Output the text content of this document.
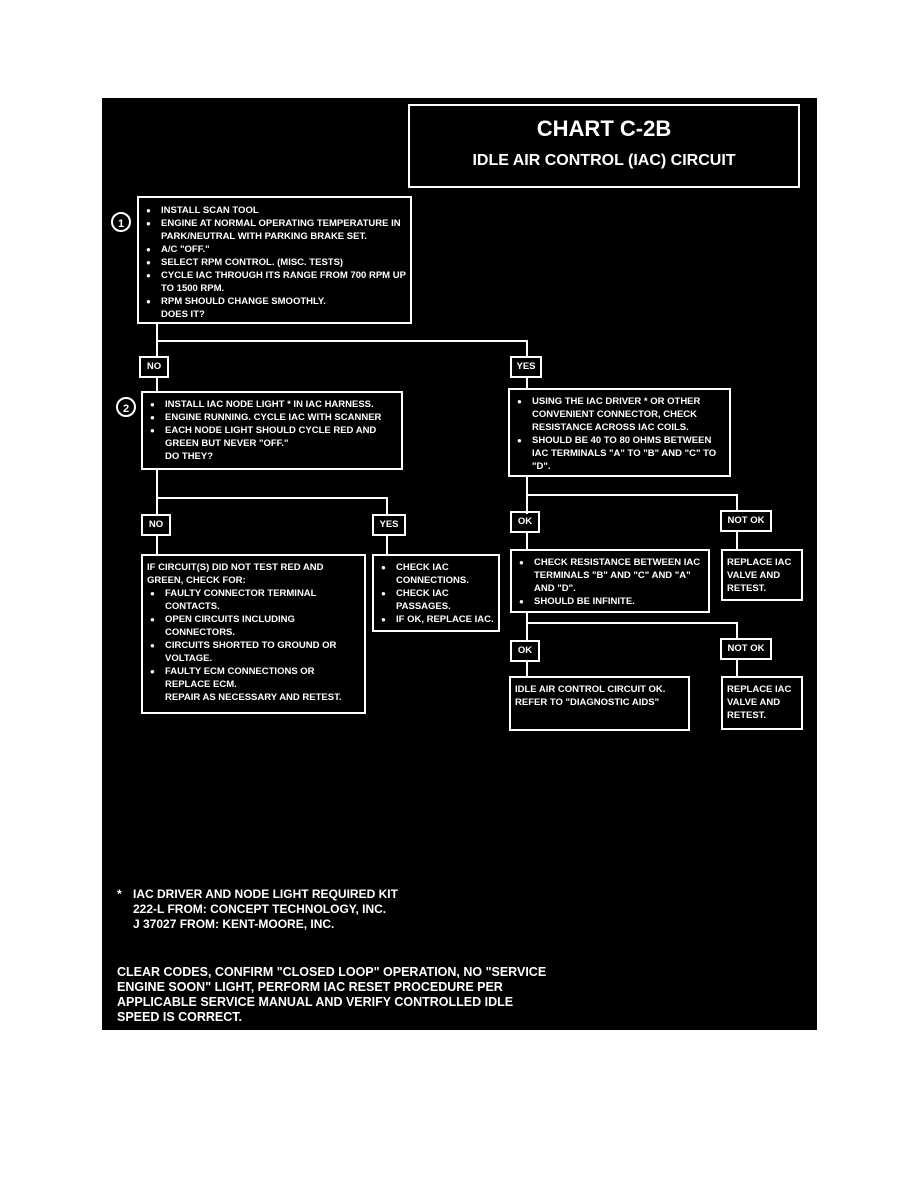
CHART C-2B
IDLE AIR CONTROL (IAC) CIRCUIT
1
● INSTALL SCAN TOOL
● ENGINE AT NORMAL OPERATING TEMPERATURE IN PARK/NEUTRAL WITH PARKING BRAKE SET.
● A/C "OFF."
● SELECT RPM CONTROL. (MISC. TESTS)
● CYCLE IAC THROUGH ITS RANGE FROM 700 RPM UP TO 1500 RPM.
● RPM SHOULD CHANGE SMOOTHLY.
DOES IT?
NO	YES
2
●	INSTALL IAC NODE LIGHT * IN IAC HARNESS.
● ENGINE RUNNING. CYCLE IAC WITH SCANNER
● EACH NODE LIGHT SHOULD CYCLE RED AND GREEN BUT NEVER "OFF."
DO THEY?
● USING THE IAC DRIVER * OR OTHER CONVENIENT CONNECTOR, CHECK RESISTANCE ACROSS IAC COILS.
● SHOULD BE 40 TO 80 OHMS BETWEEN IAC TERMINALS "A" TO "B" AND "C" TO "D".
NO	YES	OK	NOT OK
IF CIRCUIT(S) DID NOT TEST RED AND GREEN, CHECK FOR:
● FAULTY CONNECTOR TERMINAL CONTACTS.
● OPEN CIRCUITS INCLUDING CONNECTORS.
● CIRCUITS SHORTED TO GROUND OR VOLTAGE.
● FAULTY ECM CONNECTIONS OR REPLACE ECM.
REPAIR AS NECESSARY AND RETEST.
● CHECK IAC CONNECTIONS.
● CHECK IAC PASSAGES.
● IF OK, REPLACE IAC.
● CHECK RESISTANCE BETWEEN IAC TERMINALS "B" AND "C" AND "A" AND "D".
● SHOULD BE INFINITE.
REPLACE IAC VALVE AND RETEST.
OK	NOT OK
IDLE AIR CONTROL CIRCUIT OK. REFER TO "DIAGNOSTIC AIDS"
REPLACE IAC VALVE AND RETEST.
* IAC DRIVER AND NODE LIGHT REQUIRED KIT
222-L FROM: CONCEPT TECHNOLOGY, INC.
J 37027 FROM: KENT-MOORE, INC.
CLEAR CODES, CONFIRM "CLOSED LOOP" OPERATION, NO "SERVICE ENGINE SOON" LIGHT, PERFORM IAC RESET PROCEDURE PER APPLICABLE SERVICE MANUAL AND VERIFY CONTROLLED IDLE SPEED IS CORRECT.
